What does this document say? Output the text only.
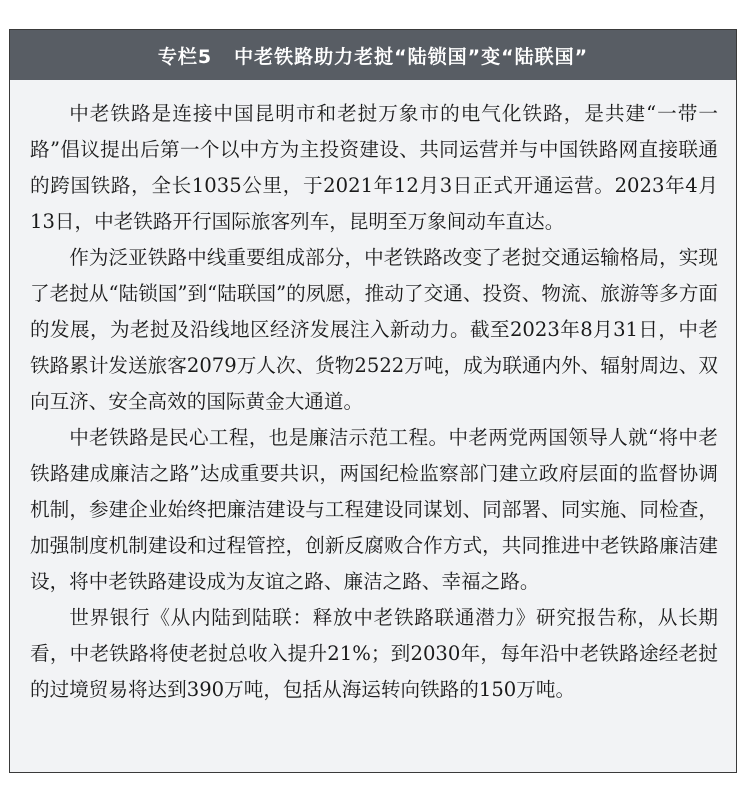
专栏5 中老铁路助力老挝“陆锁国”变“陆联国”

中老铁路是连接中国昆明市和老挝万象市的电气化铁路，是共建“一带一路”倡议提出后第一个以中方为主投资建设、共同运营并与中国铁路网直接联通的跨国铁路，全长1035公里，于2021年12月3日正式开通运营。2023年4月13日，中老铁路开行国际旅客列车，昆明至万象间动车直达。

作为泛亚铁路中线重要组成部分，中老铁路改变了老挝交通运输格局，实现了老挝从“陆锁国”到“陆联国”的夙愿，推动了交通、投资、物流、旅游等多方面的发展，为老挝及沿线地区经济发展注入新动力。截至2023年8月31日，中老铁路累计发送旅客2079万人次、货物2522万吨，成为联通内外、辐射周边、双向互济、安全高效的国际黄金大通道。

中老铁路是民心工程，也是廉洁示范工程。中老两党两国领导人就“将中老铁路建成廉洁之路”达成重要共识，两国纪检监察部门建立政府层面的监督协调机制，参建企业始终把廉洁建设与工程建设同谋划、同部署、同实施、同检查，加强制度机制建设和过程管控，创新反腐败合作方式，共同推进中老铁路廉洁建设，将中老铁路建设成为友谊之路、廉洁之路、幸福之路。

世界银行《从内陆到陆联：释放中老铁路联通潜力》研究报告称，从长期看，中老铁路将使老挝总收入提升21%；到2030年，每年沿中老铁路途经老挝的过境贸易将达到390万吨，包括从海运转向铁路的150万吨。
